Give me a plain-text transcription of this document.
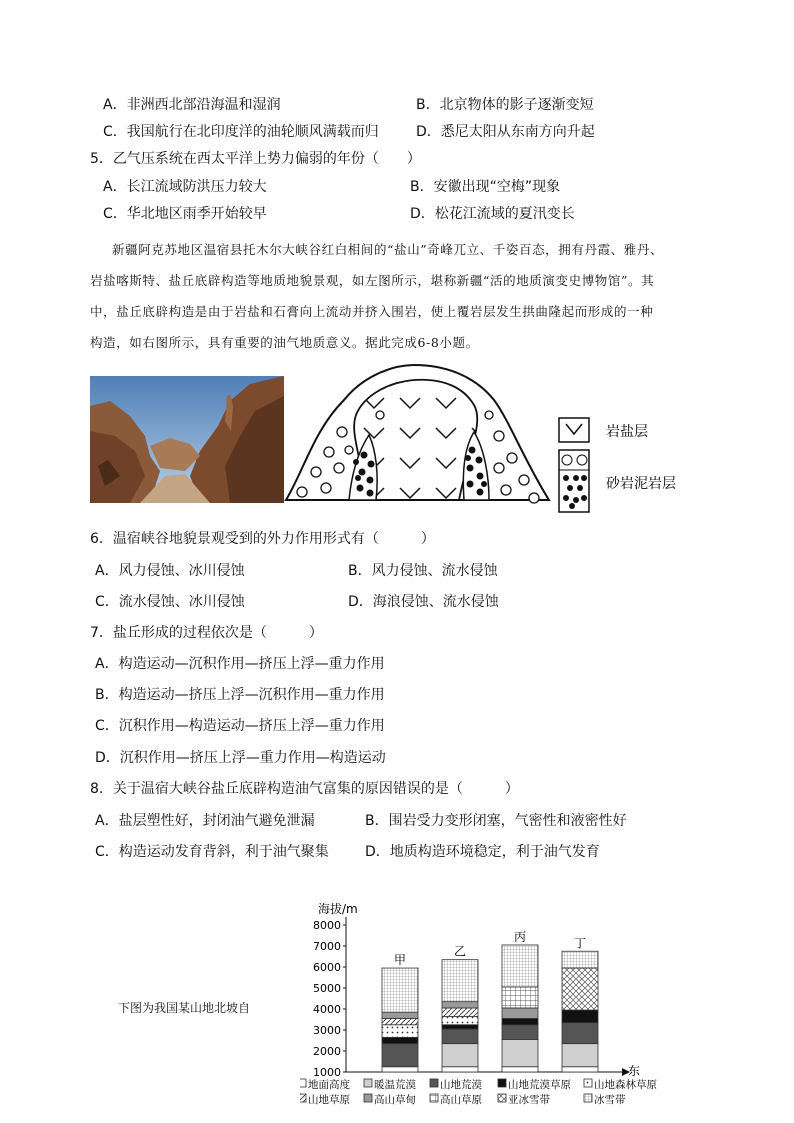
A．非洲西北部沿海温和湿润	B．北京物体的影子逐渐变短
C．我国航行在北印度洋的油轮顺风满载而归	D．悉尼太阳从东南方向升起
5．乙气压系统在西太平洋上势力偏弱的年份（　　）
A．长江流域防洪压力较大	B．安徽出现“空梅”现象
C．华北地区雨季开始较早	D．松花江流域的夏汛变长
新疆阿克苏地区温宿县托木尔大峡谷红白相间的“盐山”奇峰兀立、千姿百态，拥有丹霞、雅丹、
岩盐喀斯特、盐丘底辟构造等地质地貌景观，如左图所示，堪称新疆“活的地质演变史博物馆”。其
中，盐丘底辟构造是由于岩盐和石膏向上流动并挤入围岩，使上覆岩层发生拱曲隆起而形成的一种
构造，如右图所示，具有重要的油气地质意义。据此完成6-8小题。
岩盐层
砂岩泥岩层
6．温宿峡谷地貌景观受到的外力作用形式有（　　　）
A．风力侵蚀、冰川侵蚀	B．风力侵蚀、流水侵蚀
C．流水侵蚀、冰川侵蚀	D．海浪侵蚀、流水侵蚀
7．盐丘形成的过程依次是（　　　）
A．构造运动—沉积作用—挤压上浮—重力作用
B．构造运动—挤压上浮—沉积作用—重力作用
C．沉积作用—构造运动—挤压上浮—重力作用
D．沉积作用—挤压上浮—重力作用—构造运动
8．关于温宿大峡谷盐丘底辟构造油气富集的原因错误的是（　　　）
A．盐层塑性好，封闭油气避免泄漏	B．围岩受力变形闭塞，气密性和液密性好
C．构造运动发育背斜，利于油气聚集	D．地质构造环境稳定，利于油气发育
下图为我国某山地北坡自
海拔/m
1000
2000
3000
4000
5000
6000
7000
8000
甲
乙
丙	丁
东
地面高度 暖温荒漠 山地荒漠 山地荒漠草原 山地森林草原
山地草原 高山草甸 高山草原 亚冰雪带	冰雪带
